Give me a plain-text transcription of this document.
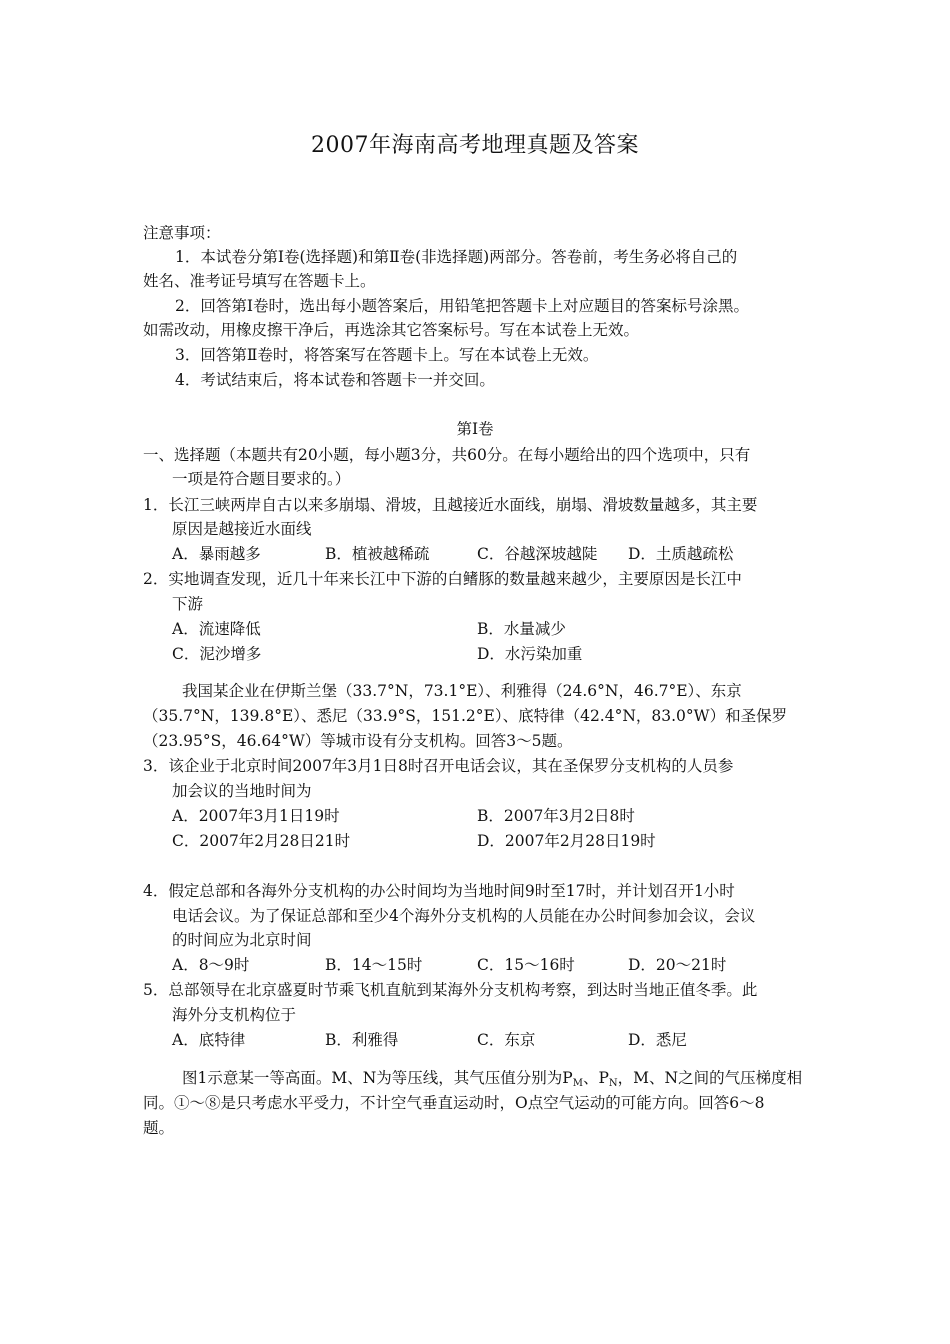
2007年海南高考地理真题及答案
注意事项：
1．本试卷分第Ⅰ卷(选择题)和第Ⅱ卷(非选择题)两部分。答卷前，考生务必将自己的
姓名、准考证号填写在答题卡上。
2．回答第Ⅰ卷时，选出每小题答案后，用铅笔把答题卡上对应题目的答案标号涂黑。
如需改动，用橡皮擦干净后，再选涂其它答案标号。写在本试卷上无效。
3．回答第Ⅱ卷时，将答案写在答题卡上。写在本试卷上无效。
4．考试结束后，将本试卷和答题卡一并交回。
第Ⅰ卷
一、选择题（本题共有20小题，每小题3分，共60分。在每小题给出的四个选项中，只有
一项是符合题目要求的。）
1．长江三峡两岸自古以来多崩塌、滑坡，且越接近水面线，崩塌、滑坡数量越多，其主要
原因是越接近水面线
A．暴雨越多	B．植被越稀疏	C．谷越深坡越陡 D．土质越疏松
2．实地调查发现，近几十年来长江中下游的白鳍豚的数量越来越少，主要原因是长江中
下游
A．流速降低	B．水量减少
C．泥沙增多	D．水污染加重
我国某企业在伊斯兰堡（33.7°N，73.1°E）、利雅得（24.6°N，46.7°E）、东京
（35.7°N，139.8°E）、悉尼（33.9°S，151.2°E）、底特律（42.4°N，83.0°W）和圣保罗
（23.95°S，46.64°W）等城市设有分支机构。回答3～5题。
3．该企业于北京时间2007年3月1日8时召开电话会议，其在圣保罗分支机构的人员参
加会议的当地时间为
A．2007年3月1日19时	B．2007年3月2日8时
C．2007年2月28日21时	D．2007年2月28日19时
4．假定总部和各海外分支机构的办公时间均为当地时间9时至17时，并计划召开1小时
电话会议。为了保证总部和至少4个海外分支机构的人员能在办公时间参加会议，会议
的时间应为北京时间
A．8～9时	B．14～15时	C．15～16时	D．20～21时
5．总部领导在北京盛夏时节乘飞机直航到某海外分支机构考察，到达时当地正值冬季。此
海外分支机构位于
A．底特律	B．利雅得	C．东京	D．悉尼
图1示意某一等高面。M、N为等压线，其气压值分别为$P_M$、$P_N$，M、N之间的气压梯度相
同。①～⑧是只考虑水平受力，不计空气垂直运动时，O点空气运动的可能方向。回答6～8
题。
